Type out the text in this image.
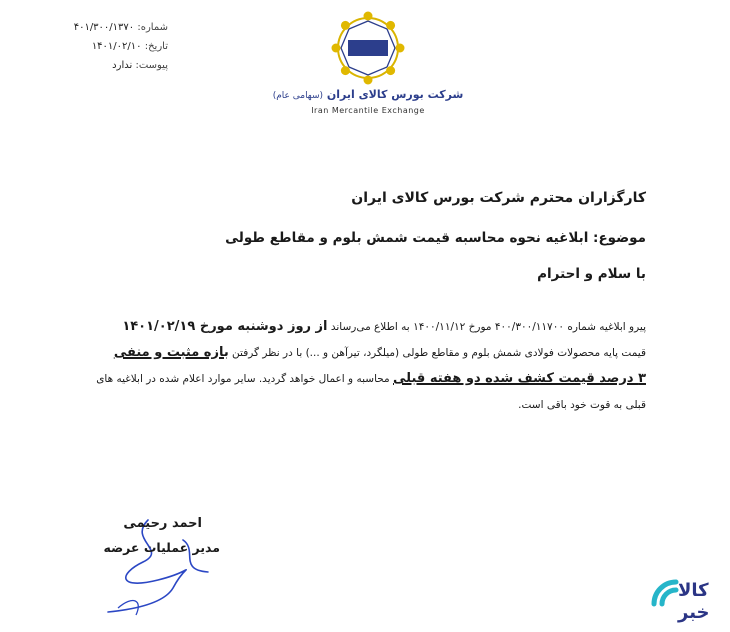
شماره: ۴۰۱/۳۰۰/۱۳۷۰
تاریخ: ۱۴۰۱/۰۲/۱۰
پیوست: ندارد
شرکت بورس کالای ایران (سهامی عام)
Iran Mercantile Exchange
کارگزاران محترم شرکت بورس کالای ایران
موضوع: ابلاغیه نحوه محاسبه قیمت شمش بلوم و مقاطع طولی
با سلام و احترام
پیرو ابلاغیه شماره ۴۰۰/۳۰۰/۱۱۷۰۰ مورخ ۱۴۰۰/۱۱/۱۲ به اطلاع می‌رساند از روز دوشنبه مورخ ۱۴۰۱/۰۲/۱۹
قیمت پایه محصولات فولادی شمش بلوم و مقاطع طولی (میلگرد، تیرآهن و ...) با در نظر گرفتن بازه مثبت و منفی
۳ درصد قیمت کشف شده دو هفته قبلی محاسبه و اعمال خواهد گردید. سایر موارد اعلام شده در ابلاغیه های
قبلی به قوت خود باقی است.
احمد رحیمی
مدیر عملیات عرضه
کالا
خبر
